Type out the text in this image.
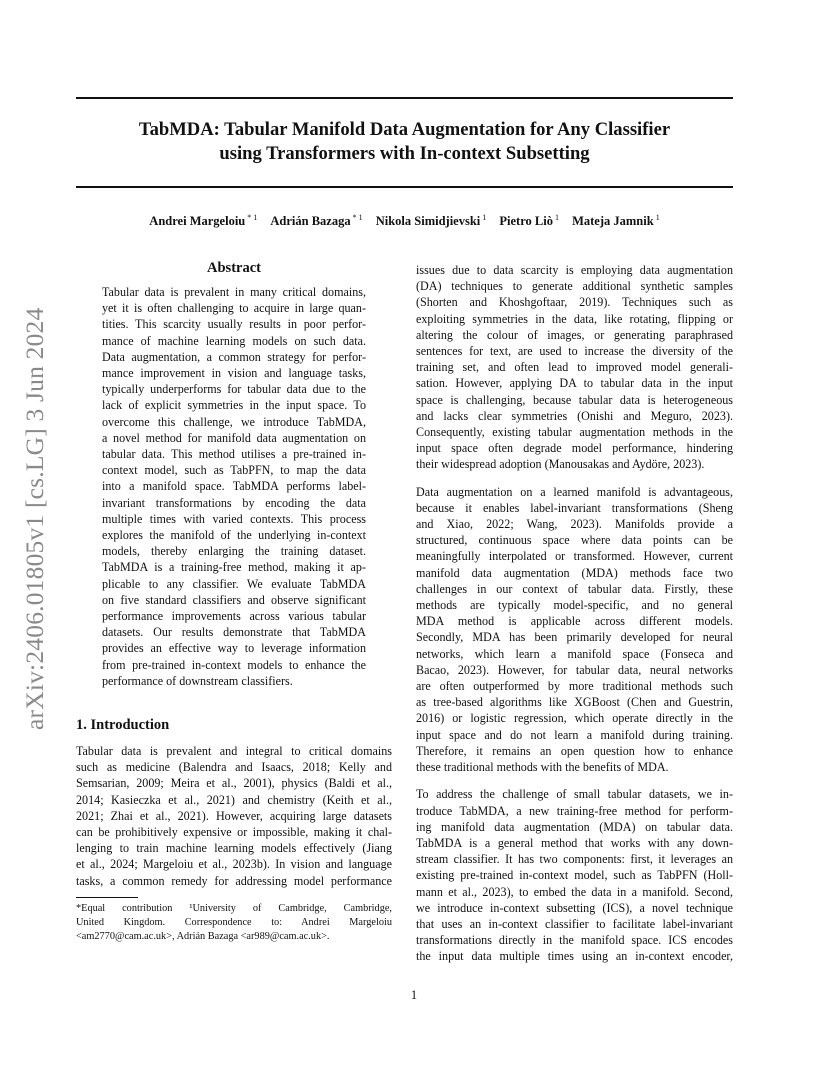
TabMDA: Tabular Manifold Data Augmentation for Any Classifier
using Transformers with In-context Subsetting
Andrei Margeloiu $^{* 1}$ Adrián Bazaga $^{* 1}$ Nikola Simidjievski $^1$ Pietro Liò $^1$ Mateja Jamnik $^1$
arXiv:2406.01805v1 [cs.LG] 3 Jun 2024
Abstract
Tabular data is prevalent in many critical domains,
yet it is often challenging to acquire in large quan-
tities. This scarcity usually results in poor perfor-
mance of machine learning models on such data.
Data augmentation, a common strategy for perfor-
mance improvement in vision and language tasks,
typically underperforms for tabular data due to the
lack of explicit symmetries in the input space. To
overcome this challenge, we introduce TabMDA,
a novel method for manifold data augmentation on
tabular data. This method utilises a pre-trained in-
context model, such as TabPFN, to map the data
into a manifold space. TabMDA performs label-
invariant transformations by encoding the data
multiple times with varied contexts. This process
explores the manifold of the underlying in-context
models, thereby enlarging the training dataset.
TabMDA is a training-free method, making it ap-
plicable to any classifier. We evaluate TabMDA
on five standard classifiers and observe significant
performance improvements across various tabular
datasets. Our results demonstrate that TabMDA
provides an effective way to leverage information
from pre-trained in-context models to enhance the
performance of downstream classifiers.
1. Introduction
Tabular data is prevalent and integral to critical domains
such as medicine (Balendra and Isaacs, 2018; Kelly and
Semsarian, 2009; Meira et al., 2001), physics (Baldi et al.,
2014; Kasieczka et al., 2021) and chemistry (Keith et al.,
2021; Zhai et al., 2021). However, acquiring large datasets
can be prohibitively expensive or impossible, making it chal-
lenging to train machine learning models effectively (Jiang
et al., 2024; Margeloiu et al., 2023b). In vision and language
tasks, a common remedy for addressing model performance
*Equal contribution ¹University of Cambridge, Cambridge,
United Kingdom. Correspondence to: Andrei Margeloiu
<am2770@cam.ac.uk>, Adrián Bazaga <ar989@cam.ac.uk>.

issues due to data scarcity is employing data augmentation
(DA) techniques to generate additional synthetic samples
(Shorten and Khoshgoftaar, 2019). Techniques such as
exploiting symmetries in the data, like rotating, flipping or
altering the colour of images, or generating paraphrased
sentences for text, are used to increase the diversity of the
training set, and often lead to improved model generali-
sation. However, applying DA to tabular data in the input
space is challenging, because tabular data is heterogeneous
and lacks clear symmetries (Onishi and Meguro, 2023).
Consequently, existing tabular augmentation methods in the
input space often degrade model performance, hindering
their widespread adoption (Manousakas and Aydöre, 2023).

Data augmentation on a learned manifold is advantageous,
because it enables label-invariant transformations (Sheng
and Xiao, 2022; Wang, 2023). Manifolds provide a
structured, continuous space where data points can be
meaningfully interpolated or transformed. However, current
manifold data augmentation (MDA) methods face two
challenges in our context of tabular data. Firstly, these
methods are typically model-specific, and no general
MDA method is applicable across different models.
Secondly, MDA has been primarily developed for neural
networks, which learn a manifold space (Fonseca and
Bacao, 2023). However, for tabular data, neural networks
are often outperformed by more traditional methods such
as tree-based algorithms like XGBoost (Chen and Guestrin,
2016) or logistic regression, which operate directly in the
input space and do not learn a manifold during training.
Therefore, it remains an open question how to enhance
these traditional methods with the benefits of MDA.

To address the challenge of small tabular datasets, we in-
troduce TabMDA, a new training-free method for perform-
ing manifold data augmentation (MDA) on tabular data.
TabMDA is a general method that works with any down-
stream classifier. It has two components: first, it leverages an
existing pre-trained in-context model, such as TabPFN (Holl-
mann et al., 2023), to embed the data in a manifold. Second,
we introduce in-context subsetting (ICS), a novel technique
that uses an in-context classifier to facilitate label-invariant
transformations directly in the manifold space. ICS encodes
the input data multiple times using an in-context encoder,

1
